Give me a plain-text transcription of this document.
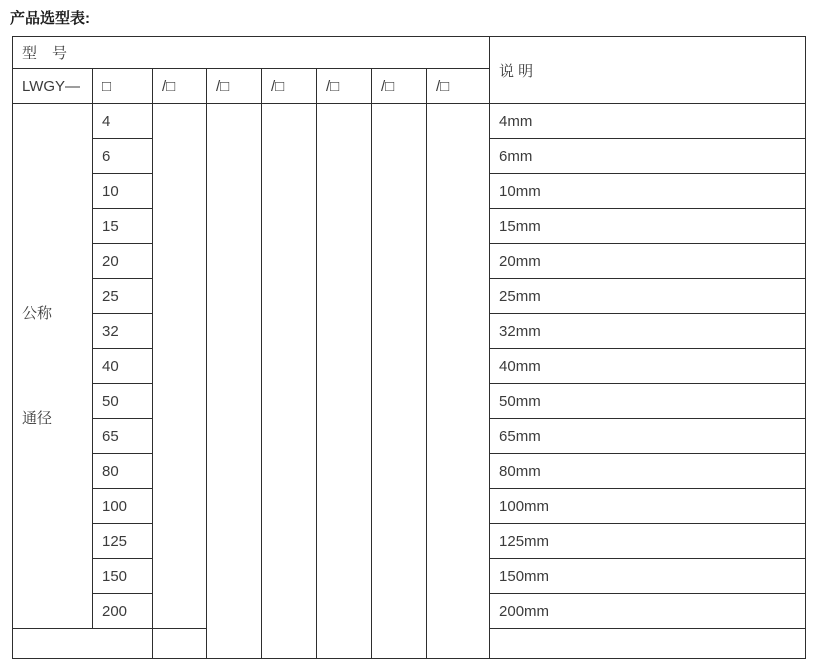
产品选型表:
型　号								说 明
LWGY—	□	/□	/□	/□	/□	/□	/□	

公称

通径	4							4mm
	6							6mm
	10							10mm
	15							15mm
	20							20mm
	25							25mm
	32							32mm
	40							40mm
	50							50mm
	65							65mm
	80							80mm
	100							100mm
	125							125mm
	150							150mm
	200							200mm
